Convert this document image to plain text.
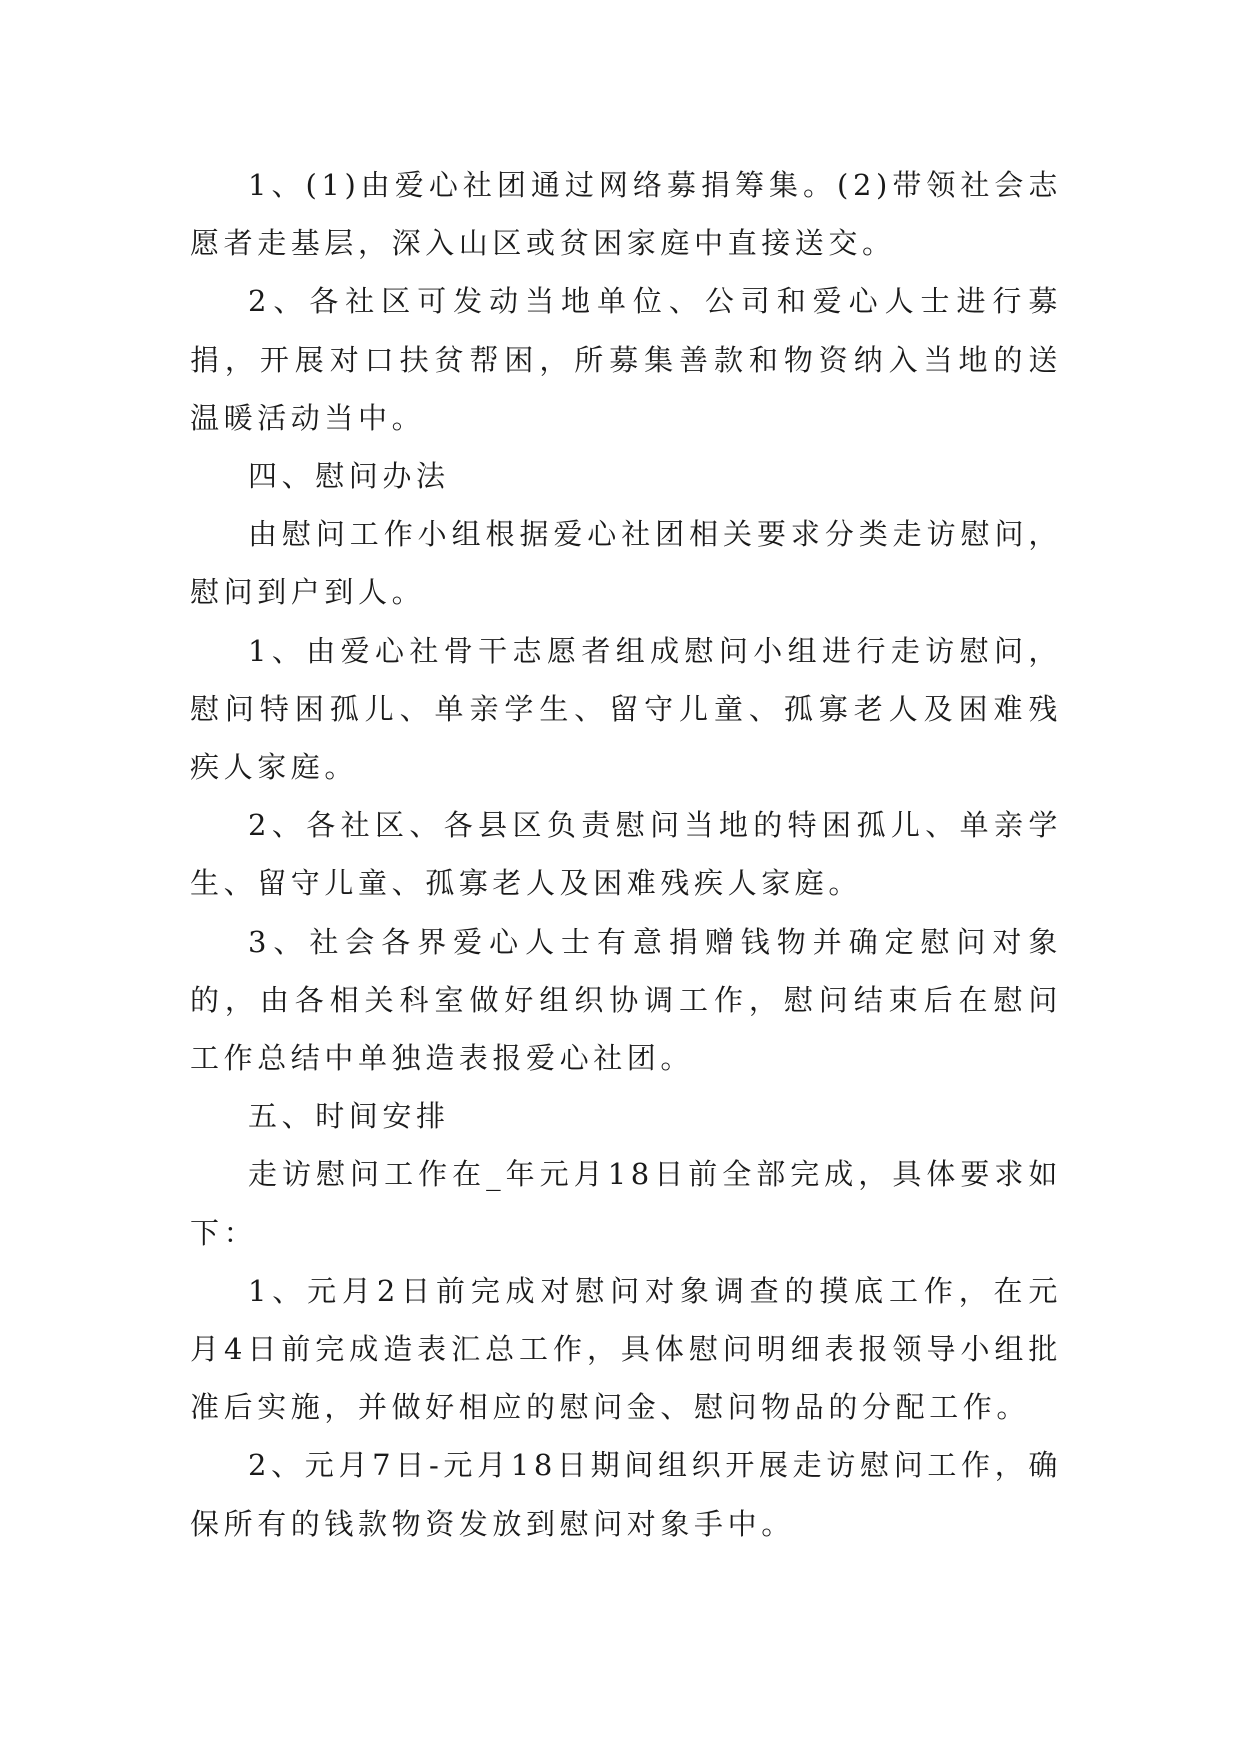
1、(1)由爱心社团通过网络募捐筹集。(2)带领社会志愿者走基层，深入山区或贫困家庭中直接送交。

2、各社区可发动当地单位、公司和爱心人士进行募捐，开展对口扶贫帮困，所募集善款和物资纳入当地的送温暖活动当中。

四、慰问办法

由慰问工作小组根据爱心社团相关要求分类走访慰问，慰问到户到人。

1、由爱心社骨干志愿者组成慰问小组进行走访慰问，慰问特困孤儿、单亲学生、留守儿童、孤寡老人及困难残疾人家庭。

2、各社区、各县区负责慰问当地的特困孤儿、单亲学生、留守儿童、孤寡老人及困难残疾人家庭。

3、社会各界爱心人士有意捐赠钱物并确定慰问对象的，由各相关科室做好组织协调工作，慰问结束后在慰问工作总结中单独造表报爱心社团。

五、时间安排

走访慰问工作在_年元月18日前全部完成，具体要求如下：

1、元月2日前完成对慰问对象调查的摸底工作，在元月4日前完成造表汇总工作，具体慰问明细表报领导小组批准后实施，并做好相应的慰问金、慰问物品的分配工作。

2、元月7日-元月18日期间组织开展走访慰问工作，确保所有的钱款物资发放到慰问对象手中。
